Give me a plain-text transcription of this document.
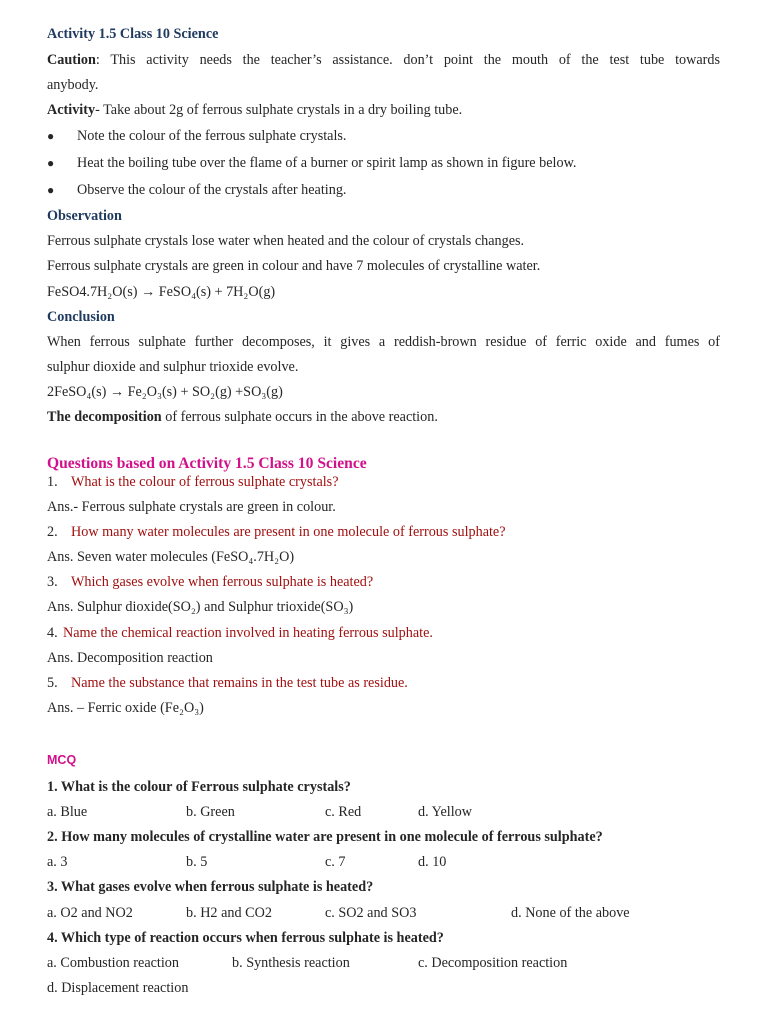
Activity 1.5 Class 10 Science
Caution: This activity needs the teacher’s assistance. don’t point the mouth of the test tube towards
anybody.
Activity- Take about 2g of ferrous sulphate crystals in a dry boiling tube.
● Note the colour of the ferrous sulphate crystals.
● Heat the boiling tube over the flame of a burner or spirit lamp as shown in figure below.
● Observe the colour of the crystals after heating.
Observation
Ferrous sulphate crystals lose water when heated and the colour of crystals changes.
Ferrous sulphate crystals are green in colour and have 7 molecules of crystalline water.
FeSO4.7H₂O(s) → FeSO₄(s) + 7H₂O(g)
Conclusion
When ferrous sulphate further decomposes, it gives a reddish-brown residue of ferric oxide and fumes of
sulphur dioxide and sulphur trioxide evolve.
2FeSO₄(s) → Fe₂O₃(s) + SO₂(g) +SO₃(g)
The decomposition of ferrous sulphate occurs in the above reaction.
Questions based on Activity 1.5 Class 10 Science
1. What is the colour of ferrous sulphate crystals?
Ans.- Ferrous sulphate crystals are green in colour.
2. How many water molecules are present in one molecule of ferrous sulphate?
Ans. Seven water molecules (FeSO₄.7H₂O)
3. Which gases evolve when ferrous sulphate is heated?
Ans. Sulphur dioxide(SO₂) and Sulphur trioxide(SO₃)
4. Name the chemical reaction involved in heating ferrous sulphate.
Ans. Decomposition reaction
5. Name the substance that remains in the test tube as residue.
Ans. – Ferric oxide (Fe₂O₃)
MCQ
1. What is the colour of Ferrous sulphate crystals?
a. Blue	b. Green	c. Red	d. Yellow
2. How many molecules of crystalline water are present in one molecule of ferrous sulphate?
a. 3	b. 5	c. 7	d. 10
3. What gases evolve when ferrous sulphate is heated?
a. O2 and NO2	b. H2 and CO2	c. SO2 and SO3	d. None of the above
4. Which type of reaction occurs when ferrous sulphate is heated?
a. Combustion reaction	b. Synthesis reaction	c. Decomposition reaction
d. Displacement reaction
